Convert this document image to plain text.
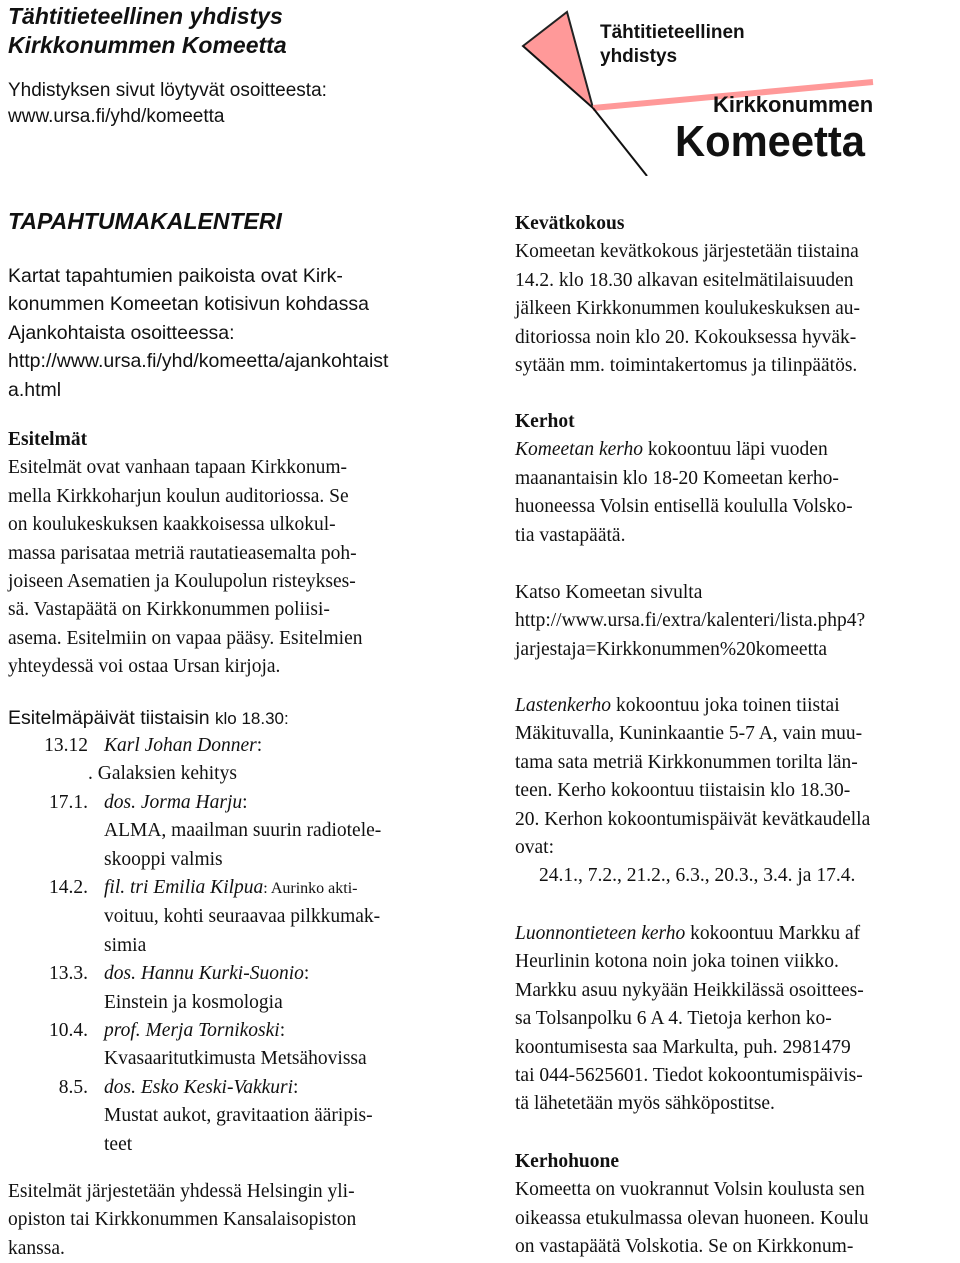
Tähtitieteellinen yhdistys
Kirkkonummen Komeetta
Yhdistyksen sivut löytyvät osoitteesta:
www.ursa.fi/yhd/komeetta
Tähtitieteellinen
yhdistys
Kirkkonummen
Komeetta
TAPAHTUMAKALENTERI
Kartat tapahtumien paikoista ovat Kirk-
konummen Komeetan kotisivun kohdassa
Ajankohtaista osoitteessa:
http://www.ursa.fi/yhd/komeetta/ajankohtaist
a.html
Esitelmät
Esitelmät ovat vanhaan tapaan Kirkkonum-
mella Kirkkoharjun koulun auditoriossa. Se
on koulukeskuksen kaakkoisessa ulkokul-
massa parisataa metriä rautatieasemalta poh-
joiseen Asematien ja Koulupolun risteykses-
sä. Vastapäätä on Kirkkonummen poliisi-
asema. Esitelmiin on vapaa pääsy. Esitelmien
yhteydessä voi ostaa Ursan kirjoja.
Esitelmäpäivät tiistaisin klo 18.30:
13.12 Karl Johan Donner:
. Galaksien kehitys
17.1. dos. Jorma Harju:
ALMA, maailman suurin radiotele-
skooppi valmis
14.2. fil. tri Emilia Kilpua: Aurinko akti-
voituu, kohti seuraavaa pilkkumak-
simia
13.3. dos. Hannu Kurki-Suonio:
Einstein ja kosmologia
10.4. prof. Merja Tornikoski:
Kvasaaritutkimusta Metsähovissa
8.5. dos. Esko Keski-Vakkuri:
Mustat aukot, gravitaation ääripis-
teet
Esitelmät järjestetään yhdessä Helsingin yli-
opiston tai Kirkkonummen Kansalaisopiston
kanssa.
Kevätkokous
Komeetan kevätkokous järjestetään tiistaina
14.2. klo 18.30 alkavan esitelmätilaisuuden
jälkeen Kirkkonummen koulukeskuksen au-
ditoriossa noin klo 20. Kokouksessa hyväk-
sytään mm. toimintakertomus ja tilinpäätös.
Kerhot
Komeetan kerho kokoontuu läpi vuoden
maanantaisin klo 18-20 Komeetan kerho-
huoneessa Volsin entisellä koululla Volsko-
tia vastapäätä.
Katso Komeetan sivulta
http://www.ursa.fi/extra/kalenteri/lista.php4?
jarjestaja=Kirkkonummen%20komeetta
Lastenkerho kokoontuu joka toinen tiistai
Mäkituvalla, Kuninkaantie 5-7 A, vain muu-
tama sata metriä Kirkkonummen torilta län-
teen. Kerho kokoontuu tiistaisin klo 18.30-
20. Kerhon kokoontumispäivät kevätkaudella
ovat:
24.1., 7.2., 21.2., 6.3., 20.3., 3.4. ja 17.4.
Luonnontieteen kerho kokoontuu Markku af
Heurlinin kotona noin joka toinen viikko.
Markku asuu nykyään Heikkilässä osoittees-
sa Tolsanpolku 6 A 4. Tietoja kerhon ko-
koontumisesta saa Markulta, puh. 2981479
tai 044-5625601. Tiedot kokoontumispäivis-
tä lähetetään myös sähköpostitse.
Kerhohuone
Komeetta on vuokrannut Volsin koulusta sen
oikeassa etukulmassa olevan huoneen. Koulu
on vastapäätä Volskotia. Se on Kirkkonum-
